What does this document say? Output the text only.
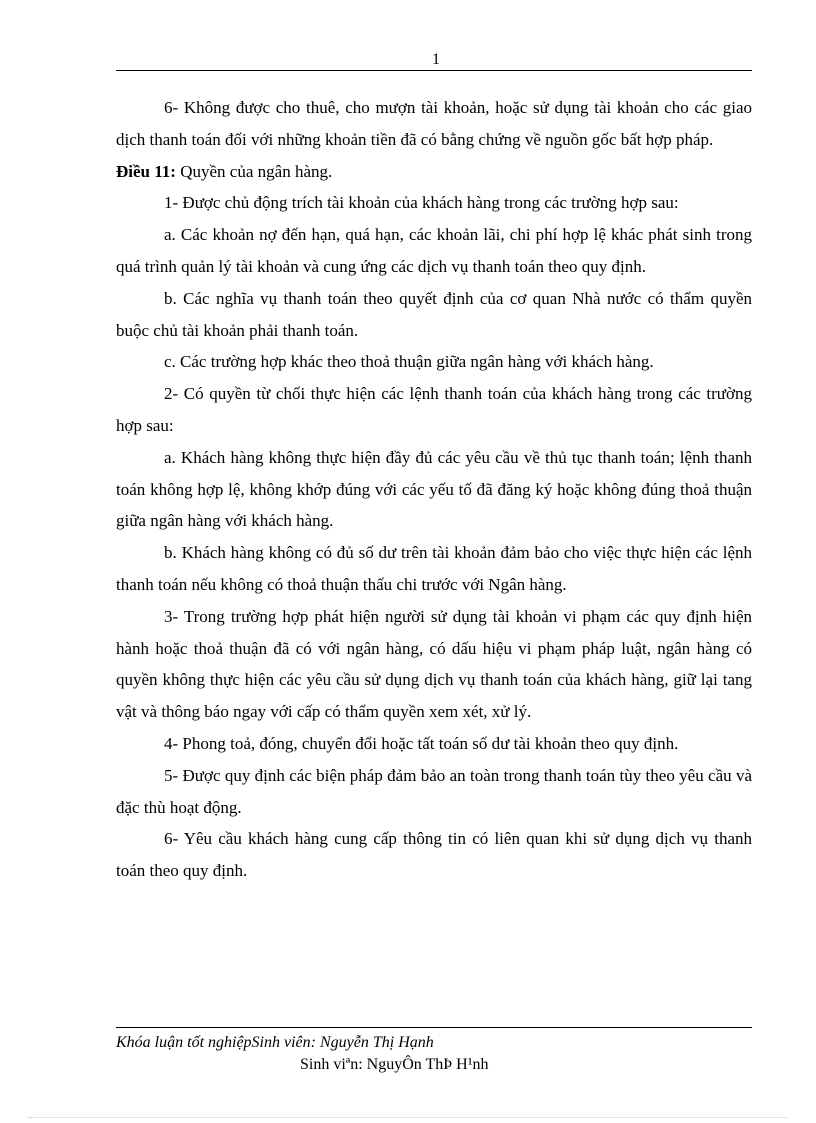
1

6- Không được cho thuê, cho mượn tài khoản, hoặc sử dụng tài khoản cho các giao dịch thanh toán đối với những khoản tiền đã có bằng chứng về nguồn gốc bất hợp pháp.

Điều 11: Quyền của ngân hàng.

1- Được chủ động trích tài khoản của khách hàng trong các trường hợp sau:

a. Các khoản nợ đến hạn, quá hạn, các khoản lãi, chi phí hợp lệ khác phát sinh trong quá trình quản lý tài khoản và cung ứng các dịch vụ thanh toán theo quy định.

b. Các nghĩa vụ thanh toán theo quyết định của cơ quan Nhà nước có thẩm quyền buộc chủ tài khoản phải thanh toán.

c. Các trường hợp khác theo thoả thuận giữa ngân hàng với khách hàng.

2- Có quyền từ chối thực hiện các lệnh thanh toán của khách hàng trong các trường hợp sau:

a. Khách hàng không thực hiện đầy đủ các yêu cầu về thủ tục thanh toán; lệnh thanh toán không hợp lệ, không khớp đúng với các yếu tố đã đăng ký hoặc không đúng thoả thuận giữa ngân hàng với khách hàng.

b. Khách hàng không có đủ số dư trên tài khoản đảm bảo cho việc thực hiện các lệnh thanh toán nếu không có thoả thuận thấu chi trước với Ngân hàng.

3- Trong trường hợp phát hiện người sử dụng tài khoản vi phạm các quy định hiện hành hoặc thoả thuận đã có với ngân hàng, có dấu hiệu vi phạm pháp luật, ngân hàng có quyền không thực hiện các yêu cầu sử dụng dịch vụ thanh toán của khách hàng, giữ lại tang vật và thông báo ngay với cấp có thẩm quyền xem xét, xử lý.

4- Phong toả, đóng, chuyển đổi hoặc tất toán số dư tài khoản theo quy định.

5- Được quy định các biện pháp đảm bảo an toàn trong thanh toán tùy theo yêu cầu và đặc thù hoạt động.

6- Yêu cầu khách hàng cung cấp thông tin có liên quan khi sử dụng dịch vụ thanh toán theo quy định.

Khóa luận tốt nghiệpSinh viên: Nguyễn Thị Hạnh
Sinh viªn: NguyÔn ThÞ H¹nh
